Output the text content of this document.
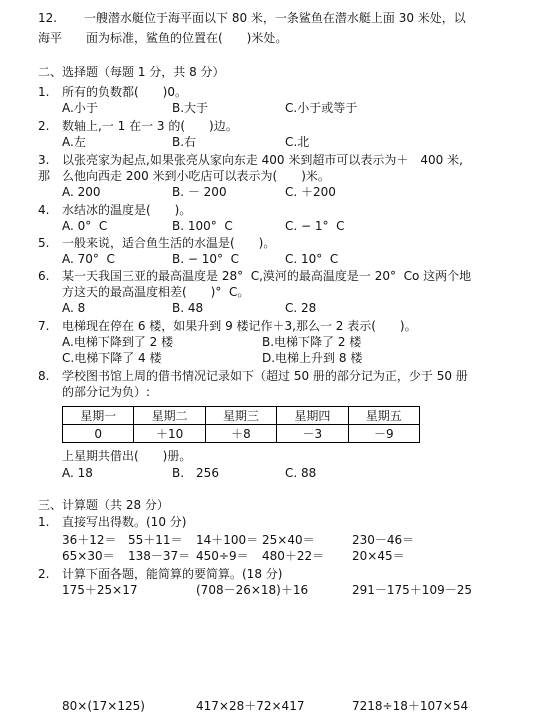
12. 一艘潜水艇位于海平面以下 80 米，一条鲨鱼在潜水艇上面 30 米处，以
海平　　面为标准，鲨鱼的位置在(　　)米处。
二、选择题（每题 1 分，共 8 分）
1. 所有的负数都(　　)0。
A.小于	B.大于	C.小于或等于
2. 数轴上,一 1 在一 3 的(　　)边。
A.左	B.右	C.北
3. 以张亮家为起点,如果张亮从家向东走 400 米到超市可以表示为＋　400 米,
那　么他向西走 200 米到小吃店可以表示为(　　)米。
A. 200	B. － 200	C. ＋200
4. 水结冰的温度是(　　)。
A. 0°  C	B. 100°  C	C. − 1°  C
5. 一般来说，适合鱼生活的水温是(　　)。
A. 70°  C	B. − 10°  C	C. 10°  C
6. 某一天我国三亚的最高温度是 28°  C,漠河的最高温度是一 20°  Co 这两个地
方这天的最高温度相差(　　)°  C。
A. 8	B. 48	C. 28
7. 电梯现在停在 6 楼，如果升到 9 楼记作＋3,那么一 2 表示(　　)。
A.电梯下降到了 2 楼	B.电梯下降了 2 楼
C.电梯下降了 4 楼	D.电梯上升到 8 楼
8. 学校图书馆上周的借书情况记录如下（超过 50 册的部分记为正，少于 50 册
的部分记为负）:
星期一	星期二	星期三	星期四	星期五
0	＋10	＋8	－3	－9
上星期共借出(　　)册。
A. 18	B.　256	C. 88
三、计算题（共 28 分）
1. 直接写出得数。(10 分)
36＋12＝ 55＋11＝ 14＋100＝ 25×40＝	230－46＝
65×30＝ 138－37＝ 450÷9＝ 480＋22＝ 20×45＝
2. 计算下面各题，能简算的要简算。(18 分)
175＋25×17	(708－26×18)＋16	291－175＋109－25
80×(17×125)	417×28＋72×417	7218÷18＋107×54
